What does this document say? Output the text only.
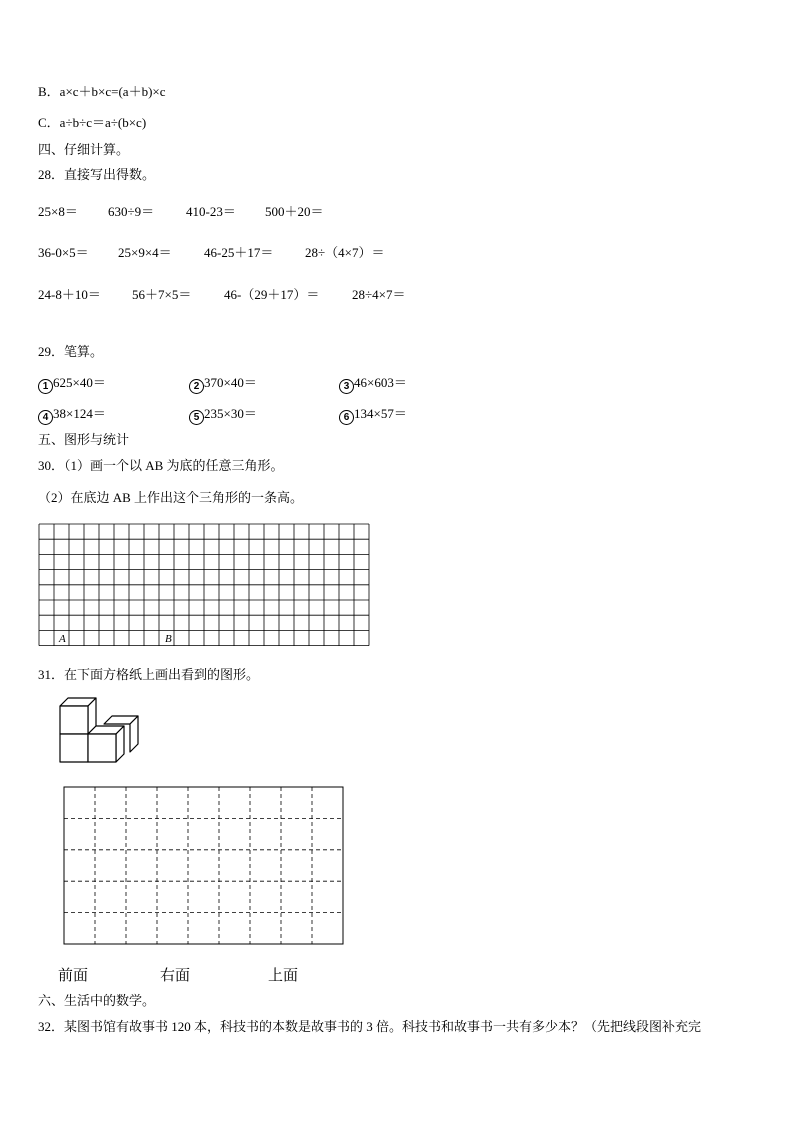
B．a×c＋b×c=(a＋b)×c
C．a÷b÷c＝a÷(b×c)
四、仔细计算。
28．直接写出得数。
25×8＝ 630÷9＝ 410-23＝ 500＋20＝
36-0×5＝ 25×9×4＝ 46-25＋17＝ 28÷（4×7）＝
24-8＋10＝ 56＋7×5＝	46-（29＋17）＝	28÷4×7＝
29．笔算。
1 625×40＝	2 370×40＝	3 46×603＝
4 38×124＝	5 235×30＝	6 134×57＝
五、图形与统计
30．（1）画一个以 AB 为底的任意三角形。
（2）在底边 AB 上作出这个三角形的一条高。
A	B
31．在下面方格纸上画出看到的图形。
前面	右面	上面
六、生活中的数学。
32．某图书馆有故事书 120 本，科技书的本数是故事书的 3 倍。科技书和故事书一共有多少本？（先把线段图补充完
